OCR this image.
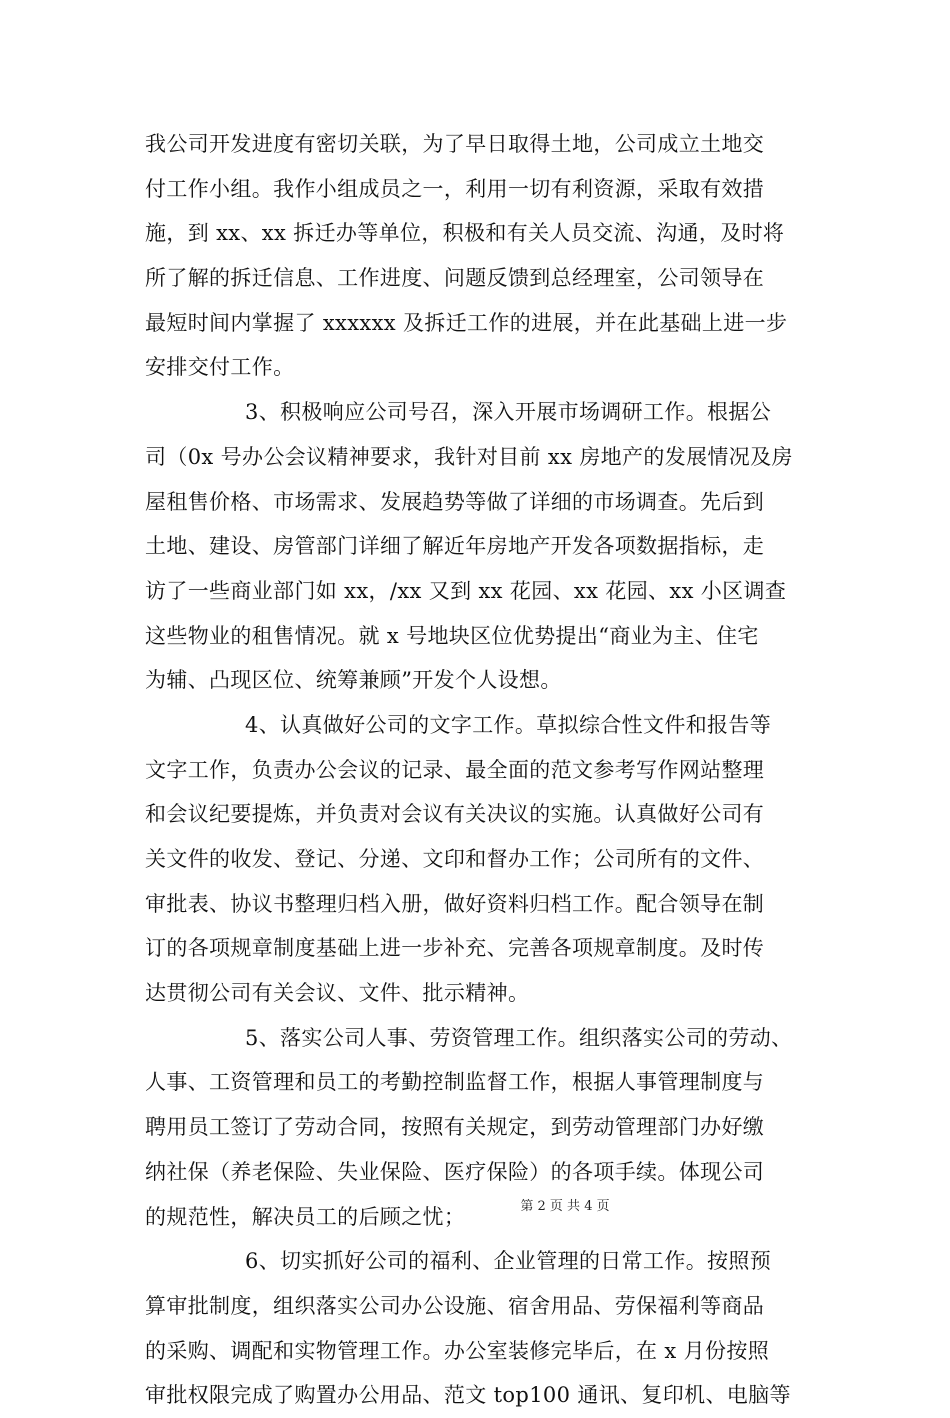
我公司开发进度有密切关联，为了早日取得土地，公司成立土地交
付工作小组。我作小组成员之一，利用一切有利资源，采取有效措
施，到 xx、xx 拆迁办等单位，积极和有关人员交流、沟通，及时将
所了解的拆迁信息、工作进度、问题反馈到总经理室，公司领导在
最短时间内掌握了 xxxxxx 及拆迁工作的进展，并在此基础上进一步
安排交付工作。
3、积极响应公司号召，深入开展市场调研工作。根据公
司（0x 号办公会议精神要求，我针对目前 xx 房地产的发展情况及房
屋租售价格、市场需求、发展趋势等做了详细的市场调查。先后到
土地、建设、房管部门详细了解近年房地产开发各项数据指标，走
访了一些商业部门如 xx，/xx 又到 xx 花园、xx 花园、xx 小区调查
这些物业的租售情况。就 x 号地块区位优势提出“商业为主、住宅
为辅、凸现区位、统筹兼顾”开发个人设想。
4、认真做好公司的文字工作。草拟综合性文件和报告等
文字工作，负责办公会议的记录、最全面的范文参考写作网站整理
和会议纪要提炼，并负责对会议有关决议的实施。认真做好公司有
关文件的收发、登记、分递、文印和督办工作；公司所有的文件、
审批表、协议书整理归档入册，做好资料归档工作。配合领导在制
订的各项规章制度基础上进一步补充、完善各项规章制度。及时传
达贯彻公司有关会议、文件、批示精神。
5、落实公司人事、劳资管理工作。组织落实公司的劳动、
人事、工资管理和员工的考勤控制监督工作，根据人事管理制度与
聘用员工签订了劳动合同，按照有关规定，到劳动管理部门办好缴
纳社保（养老保险、失业保险、医疗保险）的各项手续。体现公司
的规范性，解决员工的后顾之忧；
6、切实抓好公司的福利、企业管理的日常工作。按照预
算审批制度，组织落实公司办公设施、宿舍用品、劳保福利等商品
的采购、调配和实物管理工作。办公室装修完毕后，在 x 月份按照
审批权限完成了购置办公用品、范文 top100 通讯、复印机、电脑等
第 2 页 共 4 页
